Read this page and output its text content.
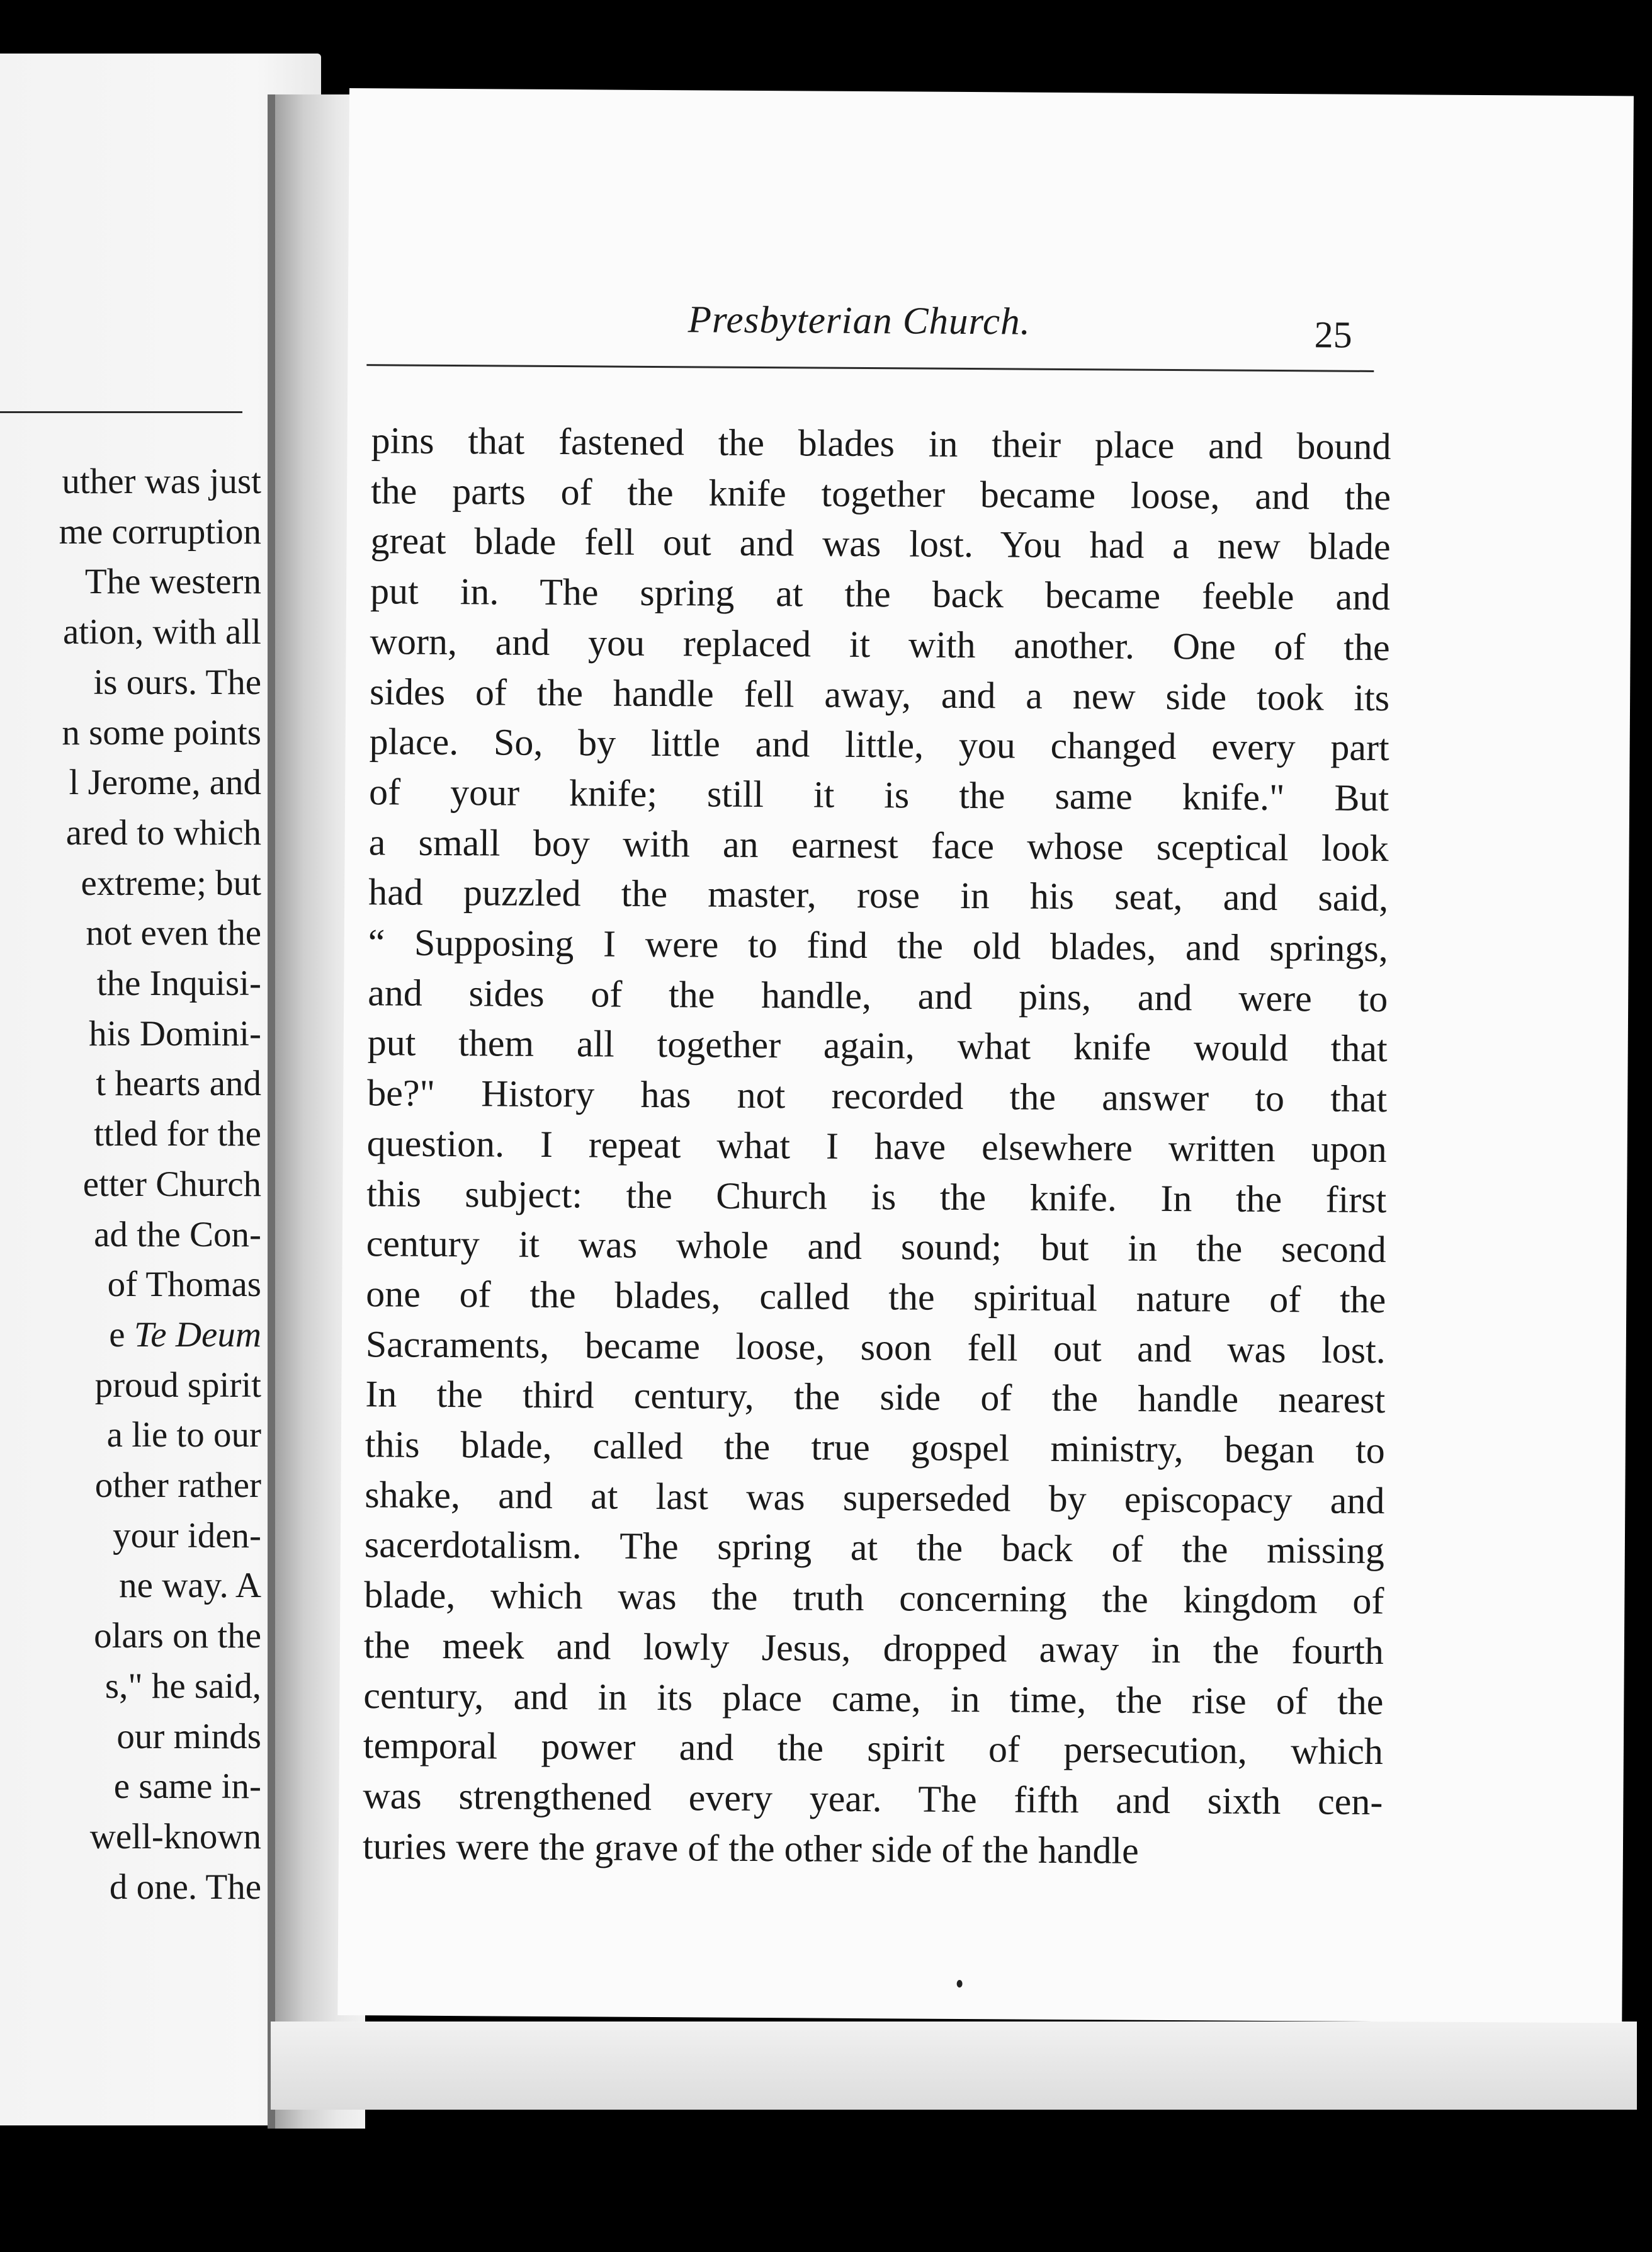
uther was just
me corruption
The western
ation, with all
is ours. The
n some points
l Jerome, and
ared to which
extreme; but
not even the
the Inquisi-
his Domini-
t hearts and
ttled for the
etter Church
ad the Con-
of Thomas
e Te Deum
proud spirit
a lie to our
other rather
your iden-
ne way. A
olars on the
s," he said,
our minds
e same in-
well-known
d one. The
Presbyterian Church.	25
pins that fastened the blades in their place and bound
the parts of the knife together became loose, and the
great blade fell out and was lost. You had a new blade
put in. The spring at the back became feeble and
worn, and you replaced it with another. One of the
sides of the handle fell away, and a new side took its
place. So, by little and little, you changed every part
of your knife; still it is the same knife." But
a small boy with an earnest face whose sceptical look
had puzzled the master, rose in his seat, and said,
“ Supposing I were to find the old blades, and springs,
and sides of the handle, and pins, and were to
put them all together again, what knife would that
be?" History has not recorded the answer to that
question. I repeat what I have elsewhere written upon
this subject: the Church is the knife. In the first
century it was whole and sound; but in the second
one of the blades, called the spiritual nature of the
Sacraments, became loose, soon fell out and was lost.
In the third century, the side of the handle nearest
this blade, called the true gospel ministry, began to
shake, and at last was superseded by episcopacy and
sacerdotalism. The spring at the back of the missing
blade, which was the truth concerning the kingdom of
the meek and lowly Jesus, dropped away in the fourth
century, and in its place came, in time, the rise of the
temporal power and the spirit of persecution, which
was strengthened every year. The fifth and sixth cen-
turies were the grave of the other side of the handle
